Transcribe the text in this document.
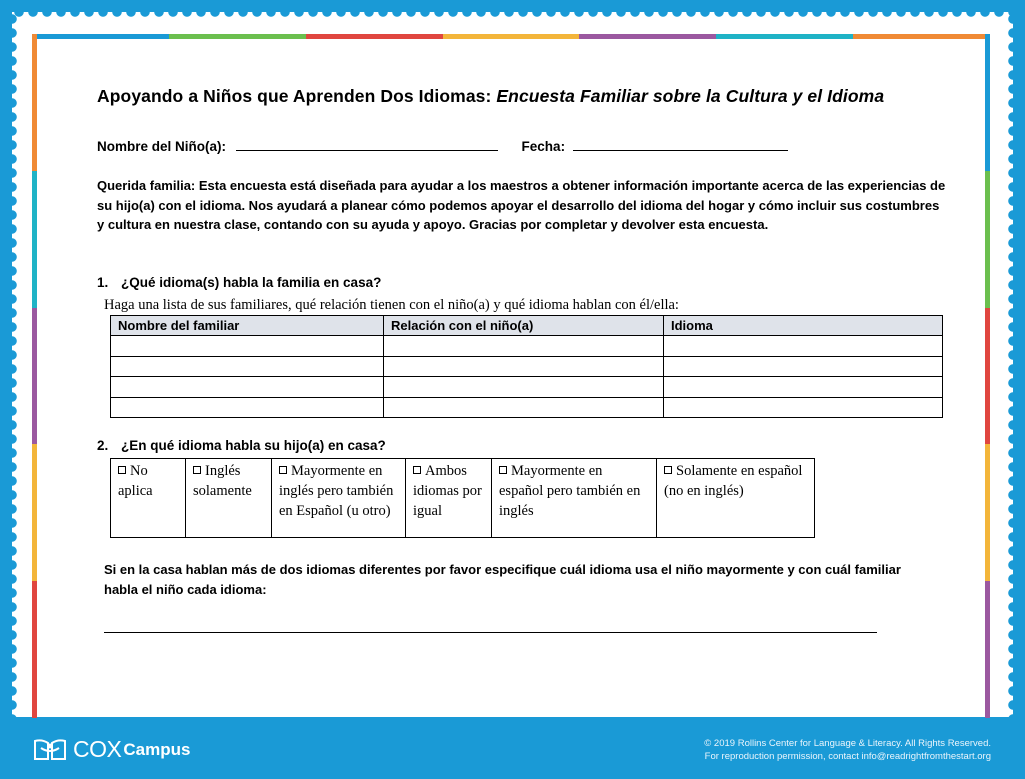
Apoyando a Niños que Aprenden Dos Idiomas: Encuesta Familiar sobre la Cultura y el Idioma
Nombre del Niño(a):	Fecha:
Querida familia: Esta encuesta está diseñada para ayudar a los maestros a obtener información importante acerca de las experiencias de su hijo(a) con el idioma. Nos ayudará a planear cómo podemos apoyar el desarrollo del idioma del hogar y cómo incluir sus costumbres y cultura en nuestra clase, contando con su ayuda y apoyo. Gracias por completar y devolver esta encuesta.
1. ¿Qué idioma(s) habla la familia en casa?
Haga una lista de sus familiares, qué relación tienen con el niño(a) y qué idioma hablan con él/ella:
Nombre del familiar	Relación con el niño(a)	Idioma

2. ¿En qué idioma habla su hijo(a) en casa?
No aplica	Inglés solamente	Mayormente en inglés pero también en Español (u otro)	Ambos idiomas por igual	Mayormente en español pero también en inglés	Solamente en español (no en inglés)
Si en la casa hablan más de dos idiomas diferentes por favor especifique cuál idioma usa el niño mayormente y con cuál familiar habla el niño cada idioma:
COX Campus	© 2019 Rollins Center for Language & Literacy. All Rights Reserved.
For reproduction permission, contact info@readrightfromthestart.org
